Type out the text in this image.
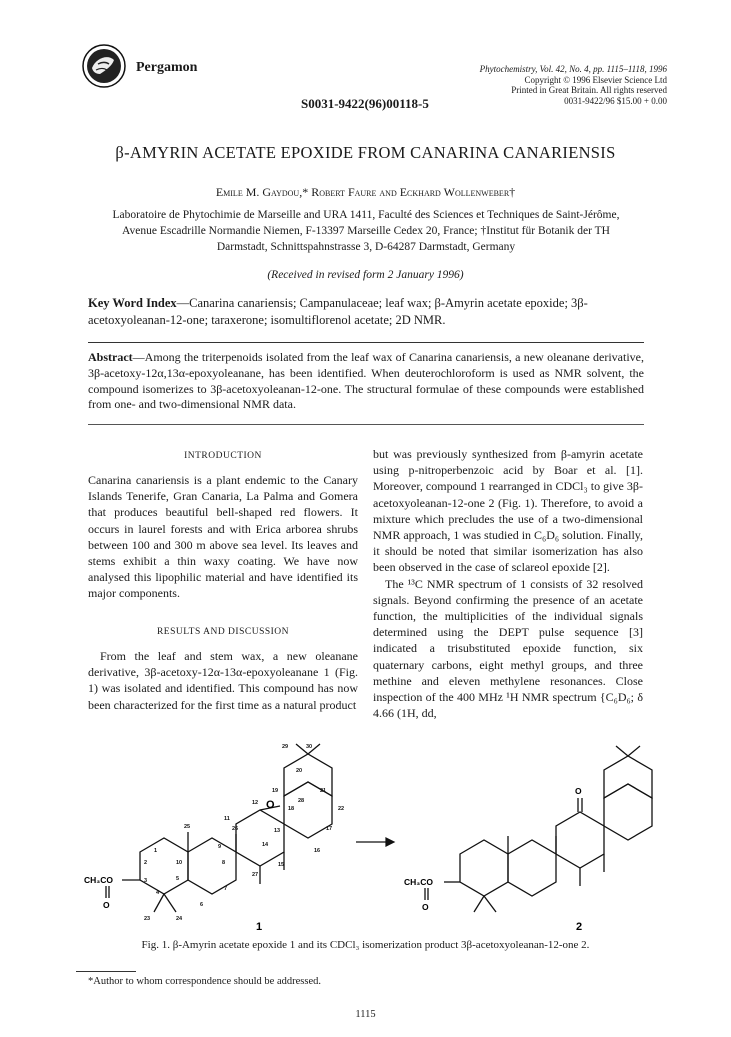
Pergamon
S0031-9422(96)00118-5
Phytochemistry, Vol. 42, No. 4, pp. 1115–1118, 1996
Copyright © 1996 Elsevier Science Ltd
Printed in Great Britain. All rights reserved
0031-9422/96 $15.00 + 0.00
β-AMYRIN ACETATE EPOXIDE FROM CANARINA CANARIENSIS
Emile M. Gaydou,* Robert Faure and Eckhard Wollenweber†
Laboratoire de Phytochimie de Marseille and URA 1411, Faculté des Sciences et Techniques de Saint-Jérôme, Avenue Escadrille Normandie Niemen, F-13397 Marseille Cedex 20, France; †Institut für Botanik der TH Darmstadt, Schnittspahnstrasse 3, D-64287 Darmstadt, Germany
(Received in revised form 2 January 1996)
Key Word Index—Canarina canariensis; Campanulaceae; leaf wax; β-Amyrin acetate epoxide; 3β-acetoxyoleanan-12-one; taraxerone; isomultiflorenol acetate; 2D NMR.
Abstract—Among the triterpenoids isolated from the leaf wax of Canarina canariensis, a new oleanane derivative, 3β-acetoxy-12α,13α-epoxyoleanane, has been identified. When deuterochloroform is used as NMR solvent, the compound isomerizes to 3β-acetoxyoleanan-12-one. The structural formulae of these compounds were established from one- and two-dimensional NMR data.
INTRODUCTION

Canarina canariensis is a plant endemic to the Canary Islands Tenerife, Gran Canaria, La Palma and Gomera that produces beautiful bell-shaped red flowers. It occurs in laurel forests and with Erica arborea shrubs between 100 and 300 m above sea level. Its leaves and stems exhibit a thin waxy coating. We have now analysed this lipophilic material and have identified its major components.

RESULTS AND DISCUSSION

From the leaf and stem wax, a new oleanane derivative, 3β-acetoxy-12α-13α-epoxyoleanane 1 (Fig. 1) was isolated and identified. This compound has now been characterized for the first time as a natural product

but was previously synthesized from β-amyrin acetate using p-nitroperbenzoic acid by Boar et al. [1]. Moreover, compound 1 rearranged in CDCl₃ to give 3β-acetoxyoleanan-12-one 2 (Fig. 1). Therefore, to avoid a mixture which precludes the use of a two-dimensional NMR approach, 1 was studied in C₆D₆ solution. Finally, it should be noted that similar isomerization has also been observed in the case of sclareol epoxide [2].

The ¹³C NMR spectrum of 1 consists of 32 resolved signals. Beyond confirming the presence of an acetate function, the multiplicities of the individual signals determined using the DEPT pulse sequence [3] indicated a trisubstituted epoxide function, six quaternary carbons, eight methyl groups, and three methine and eleven methylene resonances. Close inspection of the 400 MHz ¹H NMR spectrum {C₆D₆; δ 4.66 (1H, dd,

CH₃CO
O
O
1
29	30
20
19	21
12
18
28
22
11
17
13
25	26
9	14
16
1
2	10	8	15
27
3	5
7
4
6
23	24
O
CH₃CO
O
2
Fig. 1. β-Amyrin acetate epoxide 1 and its CDCl₃ isomerization product 3β-acetoxyoleanan-12-one 2.
*Author to whom correspondence should be addressed.
1115
